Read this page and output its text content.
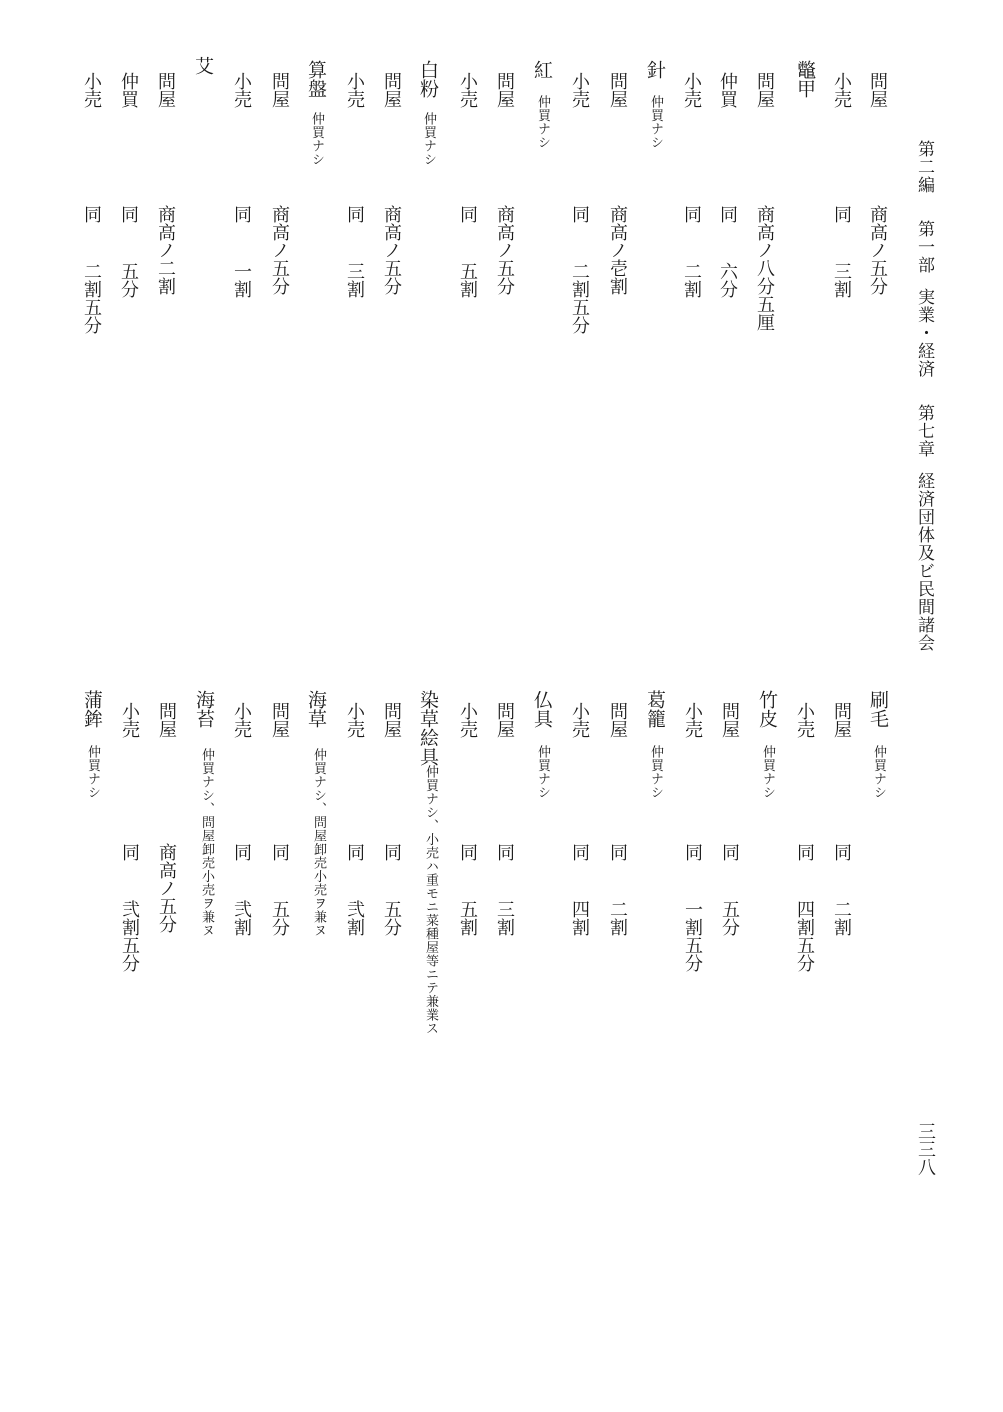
第二編第一部実業・経済第七章経済団体及ビ民間諸会
三三八
問屋
商高ノ五分
小売
同
三割
鼈甲
問屋
商高ノ八分五厘
仲買
同
六分
小売
同
二割
針
仲買ナシ
問屋
商高ノ壱割
小売
同
二割五分
紅
仲買ナシ
問屋
商高ノ五分
小売
同
五割
白粉
仲買ナシ
問屋
商高ノ五分
小売
同
三割
算盤
仲買ナシ
問屋
商高ノ五分
小売
同
一割
艾
問屋
商高ノ二割
仲買
同
五分
小売
同
二割五分
刷毛
仲買ナシ
問屋
同
二割
小売
同
四割五分
竹皮
仲買ナシ
問屋
同
五分
小売
同
一割五分
葛籠
仲買ナシ
問屋
同
二割
小売
同
四割
仏具
仲買ナシ
問屋
同
三割
小売
同
五割
染草絵具
仲買ナシ、小売ハ重モニ菜種屋等ニテ兼業ス
問屋
同
五分
小売
同
弐割
海草
仲買ナシ、問屋卸売小売ヲ兼ヌ
問屋
同
五分
小売
同
弐割
海苔
仲買ナシ、問屋卸売小売ヲ兼ヌ
問屋
商高ノ五分
小売
同
弐割五分
蒲鉾
仲買ナシ
